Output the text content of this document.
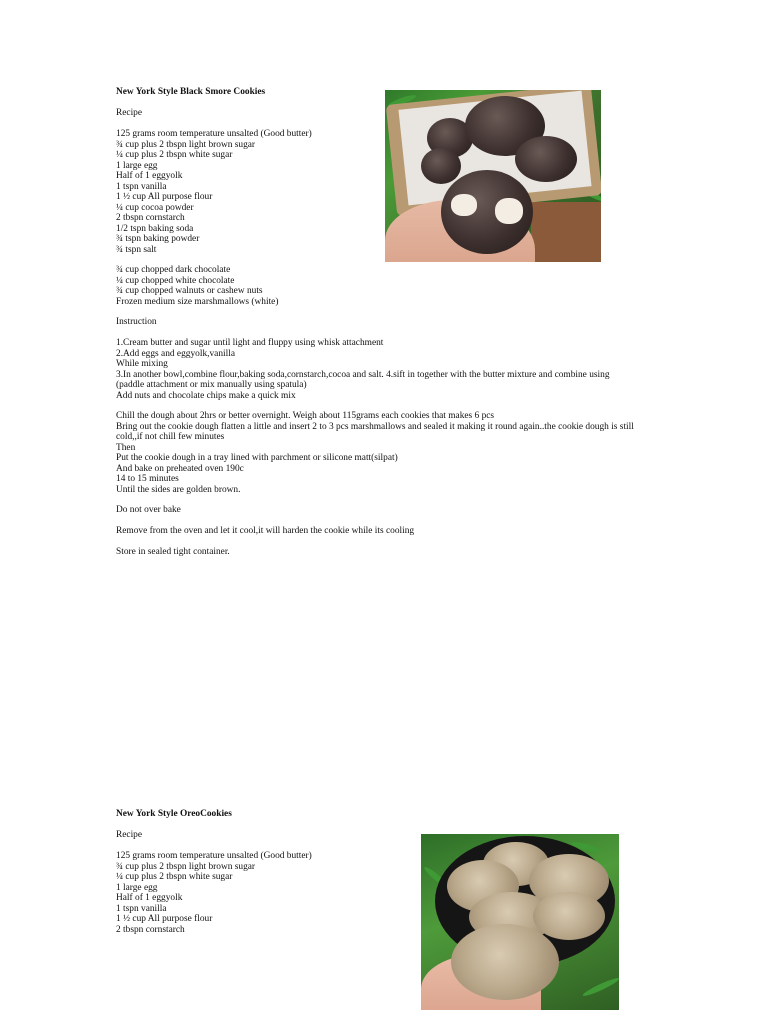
New York Style Black Smore Cookies
Recipe
125 grams room temperature unsalted (Good butter)
¾ cup plus 2 tbspn light brown sugar
¼ cup plus 2 tbspn white sugar
1 large egg
Half of 1 eggyolk
1 tspn vanilla
1 ½ cup All purpose flour
¼ cup cocoa powder
2 tbspn cornstarch
1/2 tspn baking soda
¾ tspn baking powder
¾ tspn salt
¾ cup chopped dark chocolate
¼ cup chopped white chocolate
¾ cup chopped walnuts or cashew nuts
Frozen medium size marshmallows (white)
Instruction
1.Cream butter and sugar until light and fluppy using whisk attachment
2.Add eggs and eggyolk,vanilla
While mixing
3.In another bowl,combine flour,baking soda,cornstarch,cocoa and salt. 4.sift in together with the butter mixture and combine using
(paddle attachment or mix manually using spatula)
Add nuts and chocolate chips make a quick mix
Chill the dough about 2hrs or better overnight. Weigh about 115grams each cookies that makes 6 pcs
Bring out the cookie dough flatten a little and insert 2 to 3 pcs marshmallows and sealed it making it round again..the cookie dough is still
cold,,if not chill few minutes
Then
Put the cookie dough in a tray lined with parchment or silicone matt(silpat)
And bake on preheated oven 190c
14 to 15 minutes
Until the sides are golden brown.
Do not over bake
Remove from the oven and let it cool,it will harden the cookie while its cooling
Store in sealed tight container.
New York Style OreoCookies
Recipe
125 grams room temperature unsalted (Good butter)
¾ cup plus 2 tbspn light brown sugar
¼ cup plus 2 tbspn white sugar
1 large egg
Half of 1 eggyolk
1 tspn vanilla
1 ½ cup All purpose flour
2 tbspn cornstarch
